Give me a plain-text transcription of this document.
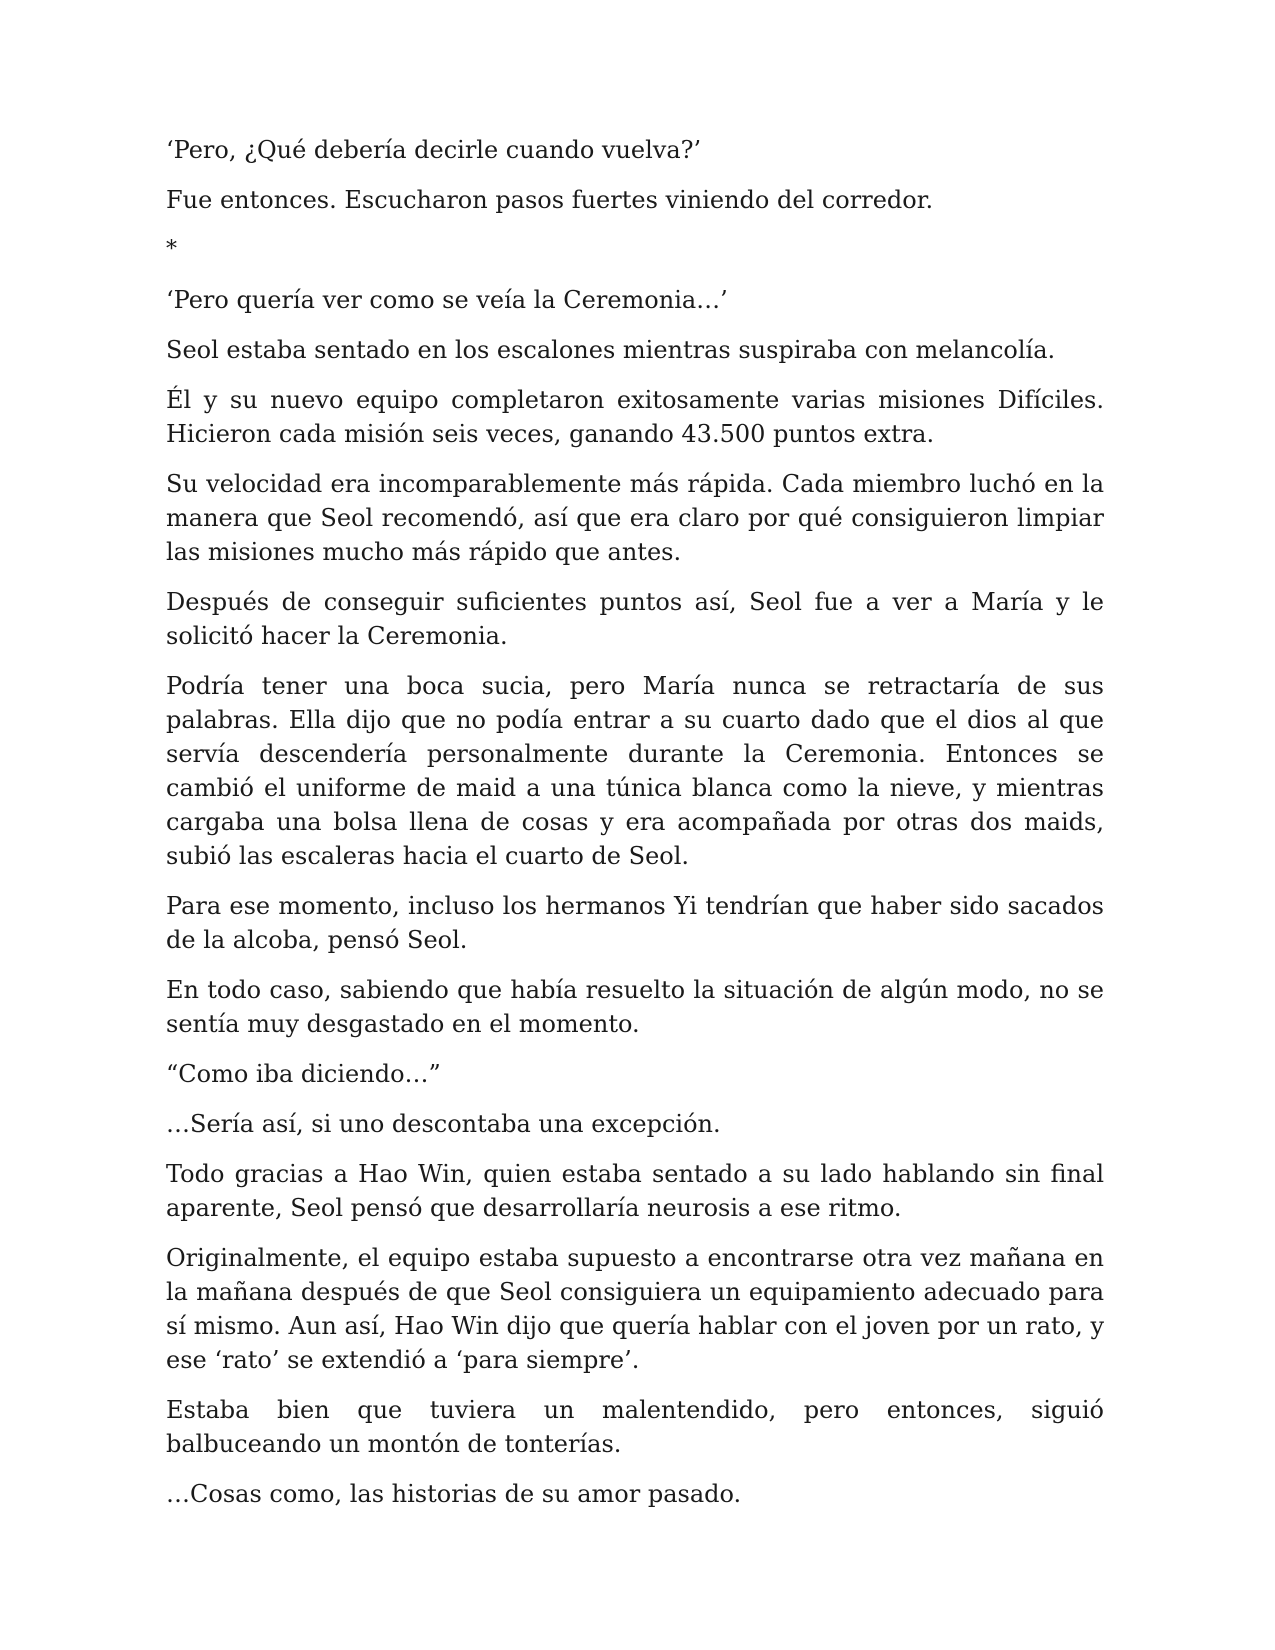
‘Pero, ¿Qué debería decirle cuando vuelva?’

Fue entonces. Escucharon pasos fuertes viniendo del corredor.

*

‘Pero quería ver como se veía la Ceremonia…’

Seol estaba sentado en los escalones mientras suspiraba con melancolía.

Él y su nuevo equipo completaron exitosamente varias misiones Difíciles. Hicieron cada misión seis veces, ganando 43.500 puntos extra.

Su velocidad era incomparablemente más rápida. Cada miembro luchó en la manera que Seol recomendó, así que era claro por qué consiguieron limpiar las misiones mucho más rápido que antes.

Después de conseguir suficientes puntos así, Seol fue a ver a María y le solicitó hacer la Ceremonia.

Podría tener una boca sucia, pero María nunca se retractaría de sus palabras. Ella dijo que no podía entrar a su cuarto dado que el dios al que servía descendería personalmente durante la Ceremonia. Entonces se cambió el uniforme de maid a una túnica blanca como la nieve, y mientras cargaba una bolsa llena de cosas y era acompañada por otras dos maids, subió las escaleras hacia el cuarto de Seol.

Para ese momento, incluso los hermanos Yi tendrían que haber sido sacados de la alcoba, pensó Seol.

En todo caso, sabiendo que había resuelto la situación de algún modo, no se sentía muy desgastado en el momento.

“Como iba diciendo…”

…Sería así, si uno descontaba una excepción.

Todo gracias a Hao Win, quien estaba sentado a su lado hablando sin final aparente, Seol pensó que desarrollaría neurosis a ese ritmo.

Originalmente, el equipo estaba supuesto a encontrarse otra vez mañana en la mañana después de que Seol consiguiera un equipamiento adecuado para sí mismo. Aun así, Hao Win dijo que quería hablar con el joven por un rato, y ese ‘rato’ se extendió a ‘para siempre’.

Estaba bien que tuviera un malentendido, pero entonces, siguió balbuceando un montón de tonterías.

…Cosas como, las historias de su amor pasado.
